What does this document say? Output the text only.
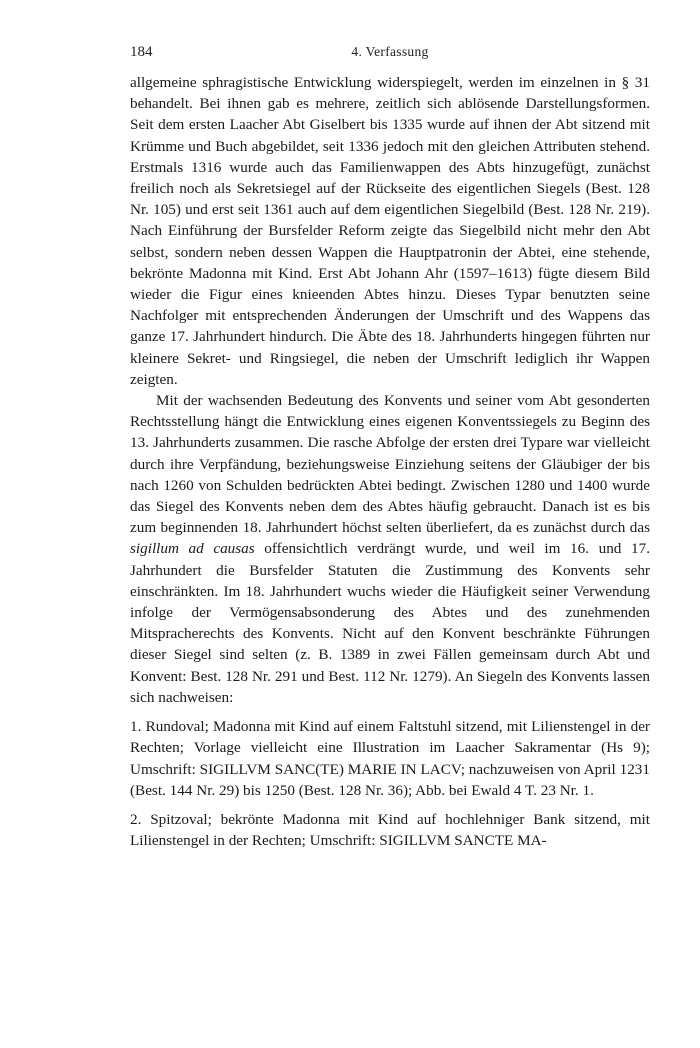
184	4. Verfassung

allgemeine sphragistische Entwicklung widerspiegelt, werden im einzelnen in § 31 behandelt. Bei ihnen gab es mehrere, zeitlich sich ablösende Darstellungsformen. Seit dem ersten Laacher Abt Giselbert bis 1335 wurde auf ihnen der Abt sitzend mit Krümme und Buch abgebildet, seit 1336 jedoch mit den gleichen Attributen stehend. Erstmals 1316 wurde auch das Familienwappen des Abts hinzugefügt, zunächst freilich noch als Sekretsiegel auf der Rückseite des eigentlichen Siegels (Best. 128 Nr. 105) und erst seit 1361 auch auf dem eigentlichen Siegelbild (Best. 128 Nr. 219). Nach Einführung der Bursfelder Reform zeigte das Siegelbild nicht mehr den Abt selbst, sondern neben dessen Wappen die Hauptpatronin der Abtei, eine stehende, bekrönte Madonna mit Kind. Erst Abt Johann Ahr (1597–1613) fügte diesem Bild wieder die Figur eines knieenden Abtes hinzu. Dieses Typar benutzten seine Nachfolger mit entsprechenden Änderungen der Umschrift und des Wappens das ganze 17. Jahrhundert hindurch. Die Äbte des 18. Jahrhunderts hingegen führten nur kleinere Sekret- und Ringsiegel, die neben der Umschrift lediglich ihr Wappen zeigten.

Mit der wachsenden Bedeutung des Konvents und seiner vom Abt gesonderten Rechtsstellung hängt die Entwicklung eines eigenen Konventssiegels zu Beginn des 13. Jahrhunderts zusammen. Die rasche Abfolge der ersten drei Typare war vielleicht durch ihre Verpfändung, beziehungsweise Einziehung seitens der Gläubiger der bis nach 1260 von Schulden bedrückten Abtei bedingt. Zwischen 1280 und 1400 wurde das Siegel des Konvents neben dem des Abtes häufig gebraucht. Danach ist es bis zum beginnenden 18. Jahrhundert höchst selten überliefert, da es zunächst durch das sigillum ad causas offensichtlich verdrängt wurde, und weil im 16. und 17. Jahrhundert die Bursfelder Statuten die Zustimmung des Konvents sehr einschränkten. Im 18. Jahrhundert wuchs wieder die Häufigkeit seiner Verwendung infolge der Vermögensabsonderung des Abtes und des zunehmenden Mitspracherechts des Konvents. Nicht auf den Konvent beschränkte Führungen dieser Siegel sind selten (z. B. 1389 in zwei Fällen gemeinsam durch Abt und Konvent: Best. 128 Nr. 291 und Best. 112 Nr. 1279). An Siegeln des Konvents lassen sich nachweisen:

1. Rundoval; Madonna mit Kind auf einem Faltstuhl sitzend, mit Lilienstengel in der Rechten; Vorlage vielleicht eine Illustration im Laacher Sakramentar (Hs 9); Umschrift: SIGILLVM SANC(TE) MARIE IN LACV; nachzuweisen von April 1231 (Best. 144 Nr. 29) bis 1250 (Best. 128 Nr. 36); Abb. bei Ewald 4 T. 23 Nr. 1.

2. Spitzoval; bekrönte Madonna mit Kind auf hochlehniger Bank sitzend, mit Lilienstengel in der Rechten; Umschrift: SIGILLVM SANCTE MA-
